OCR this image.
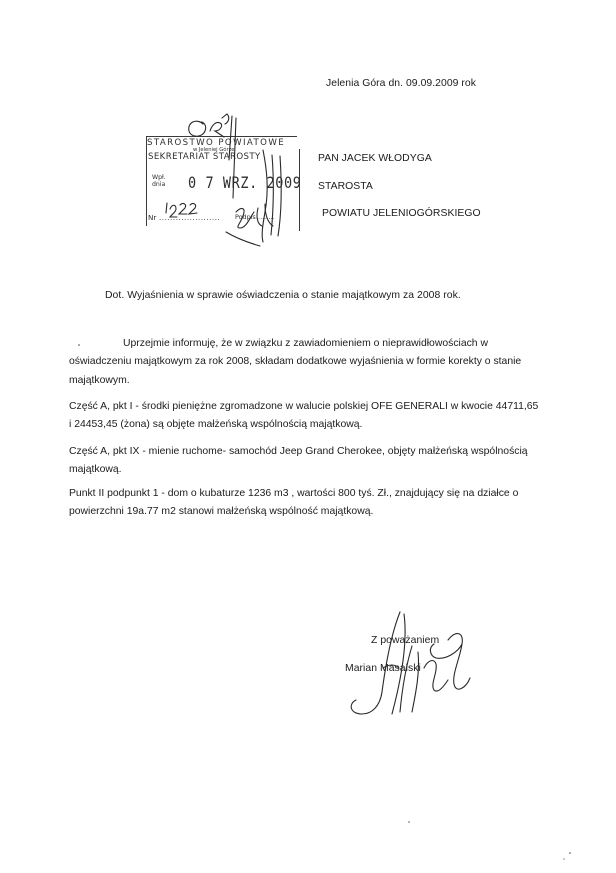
Jelenia Góra dn. 09.09.2009 rok
PAN JACEK WŁODYGA
STAROSTA
POWIATU JELENIOGÓRSKIEGO
STAROSTWO POWIATOWE
w Jeleniej Górze
SEKRETARIAT STAROSTY
Wpł.
dnia 0 7 WRZ. 2009
Nr ...................... Podpis .........
Dot. Wyjaśnienia w sprawie oświadczenia o stanie majątkowym za 2008 rok.
Uprzejmie informuję, że w związku z zawiadomieniem o nieprawidłowościach w
oświadczeniu majątkowym za rok 2008, składam dodatkowe wyjaśnienia w formie korekty o stanie
majątkowym.
Część A, pkt I - środki pieniężne zgromadzone w walucie polskiej OFE GENERALI w kwocie 44711,65
i 24453,45 (żona) są objęte małżeńską wspólnością majątkową.
Część A, pkt IX - mienie ruchome- samochód Jeep Grand Cherokee, objęty małżeńską wspólnością
majątkową.
Punkt II podpunkt 1 - dom o kubaturze 1236 m3 , wartości 800 tyś. Zł., znajdujący się na działce o
powierzchni 19a.77 m2 stanowi małżeńską wspólność majątkową.
Z poważaniem
Marian Masalski
